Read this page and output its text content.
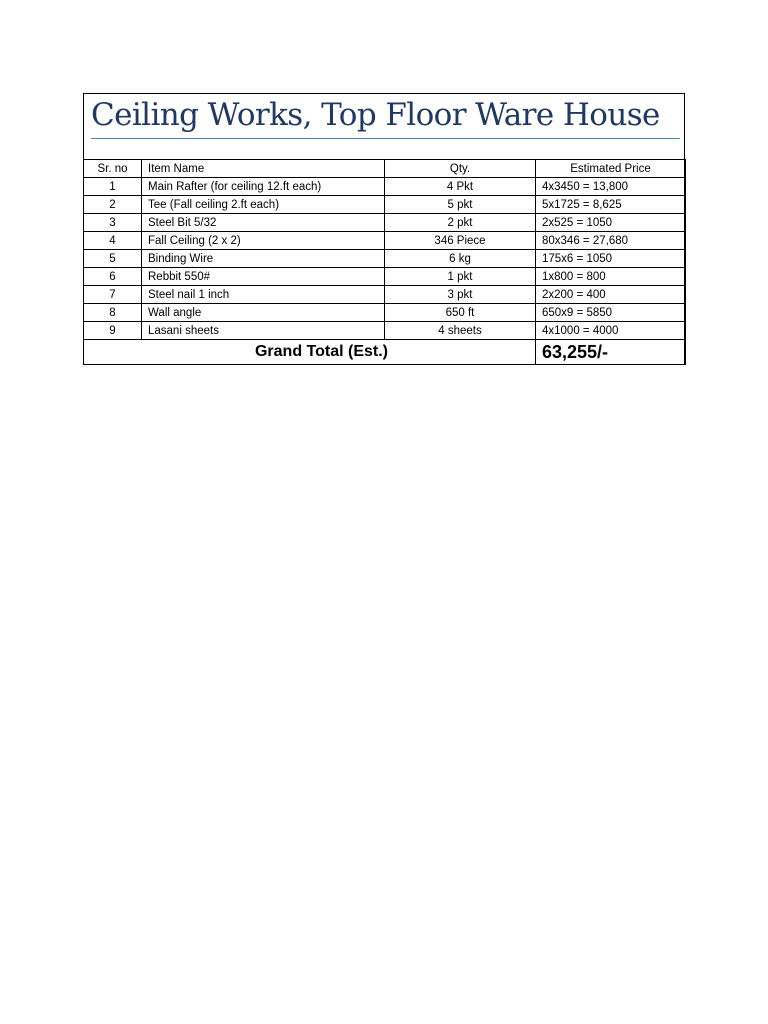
Ceiling Works, Top Floor Ware House
Sr. no	Item Name	Qty.	Estimated Price
1	Main Rafter (for ceiling 12.ft each)	4 Pkt	4x3450 = 13,800
2	Tee (Fall ceiling 2.ft each)	5 pkt	5x1725 = 8,625
3	Steel Bit 5/32	2 pkt	2x525 = 1050
4	Fall Ceiling (2 x 2)	346 Piece	80x346 = 27,680
5	Binding Wire	6 kg	175x6 = 1050
6	Rebbit 550#	1 pkt	1x800 = 800
7	Steel nail 1 inch	3 pkt	2x200 = 400
8	Wall angle	650 ft	650x9 = 5850
9	Lasani sheets	4 sheets	4x1000 = 4000
Grand Total (Est.)			63,255/-
